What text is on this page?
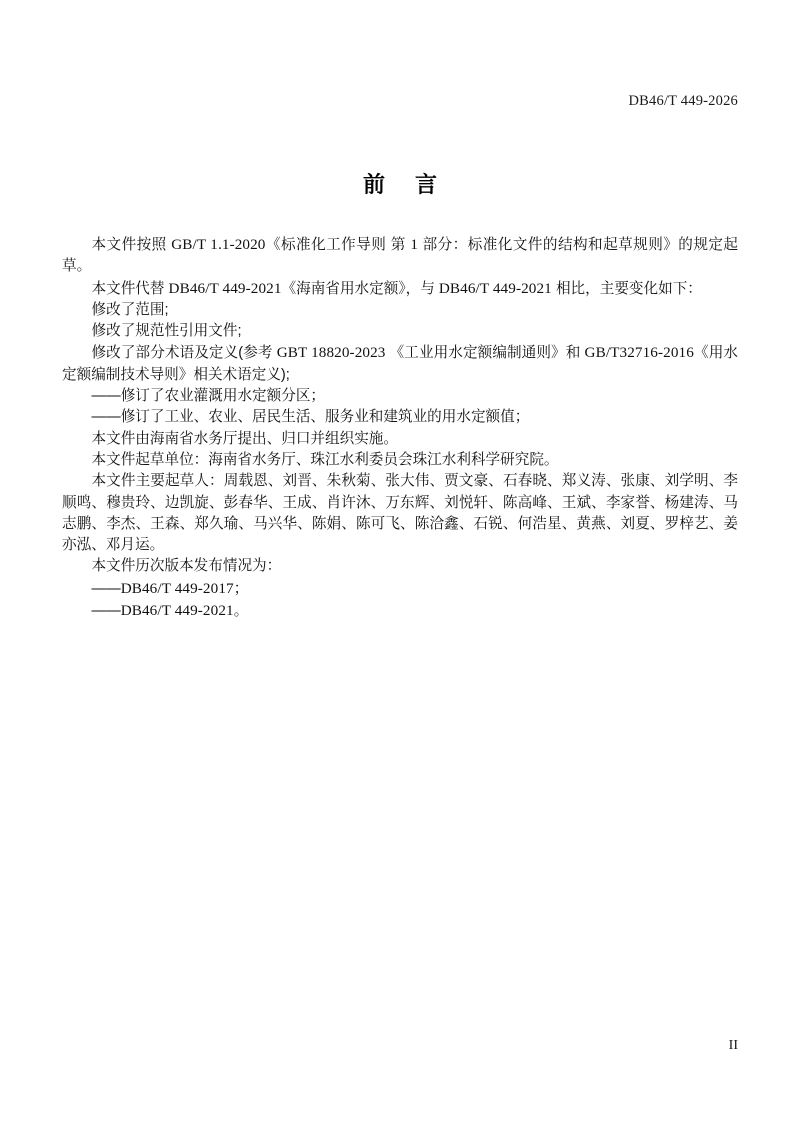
DB46/T 449-2026
前 言

本文件按照 GB/T 1.1-2020《标准化工作导则 第 1 部分：标准化文件的结构和起草规则》的规定起草。

本文件代替 DB46/T 449-2021《海南省用水定额》，与 DB46/T 449-2021 相比，主要变化如下：

修改了范围;

修改了规范性引用文件;

修改了部分术语及定义(参考 GBT 18820-2023 《工业用水定额编制通则》和 GB/T32716-2016《用水定额编制技术导则》相关术语定义);

——修订了农业灌溉用水定额分区；

——修订了工业、农业、居民生活、服务业和建筑业的用水定额值；

本文件由海南省水务厅提出、归口并组织实施。

本文件起草单位：海南省水务厅、珠江水利委员会珠江水利科学研究院。

本文件主要起草人：周载恩、刘晋、朱秋菊、张大伟、贾文豪、石春晓、郑义涛、张康、刘学明、李顺鸣、穆贵玲、边凯旋、彭春华、王成、肖许沐、万东辉、刘悦轩、陈高峰、王斌、李家誉、杨建涛、马志鹏、李杰、王森、郑久瑜、马兴华、陈娟、陈可飞、陈洽鑫、石锐、何浩星、黄燕、刘夏、罗梓艺、姜亦泓、邓月运。

本文件历次版本发布情况为：

——DB46/T 449-2017；

——DB46/T 449-2021。

II
